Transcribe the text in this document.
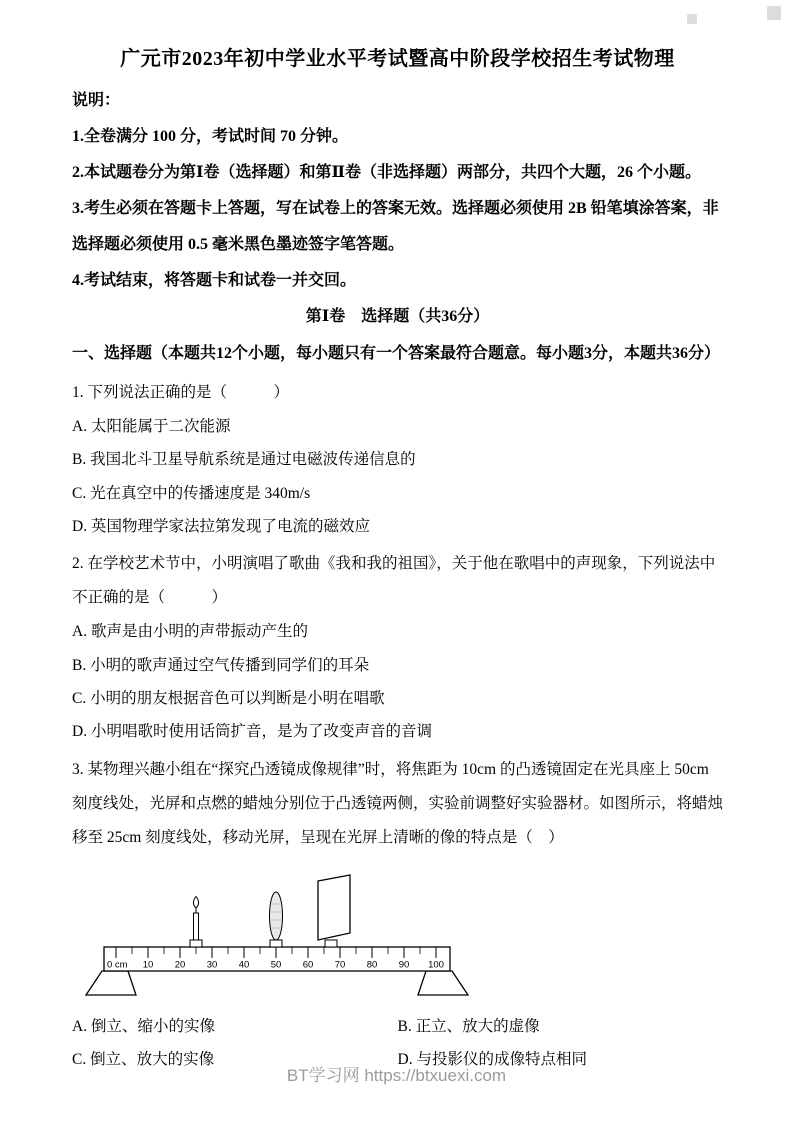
广元市2023年初中学业水平考试暨高中阶段学校招生考试物理

说明：

1.全卷满分 100 分，考试时间 70 分钟。

2.本试题卷分为第Ⅰ卷（选择题）和第Ⅱ卷（非选择题）两部分，共四个大题，26 个小题。

3.考生必须在答题卡上答题，写在试卷上的答案无效。选择题必须使用 2B 铅笔填涂答案，非选择题必须使用 0.5 毫米黑色墨迹签字笔答题。

4.考试结束，将答题卡和试卷一并交回。

第Ⅰ卷　选择题（共36分）

一、选择题（本题共12个小题，每小题只有一个答案最符合题意。每小题3分，本题共36分）

1. 下列说法正确的是（　　　）

A. 太阳能属于二次能源

B. 我国北斗卫星导航系统是通过电磁波传递信息的

C. 光在真空中的传播速度是 340m/s

D. 英国物理学家法拉第发现了电流的磁效应

2. 在学校艺术节中，小明演唱了歌曲《我和我的祖国》，关于他在歌唱中的声现象，下列说法中不正确的是（　　　）

A. 歌声是由小明的声带振动产生的

B. 小明的歌声通过空气传播到同学们的耳朵

C. 小明的朋友根据音色可以判断是小明在唱歌

D. 小明唱歌时使用话筒扩音，是为了改变声音的音调

3. 某物理兴趣小组在“探究凸透镜成像规律”时，将焦距为 10cm 的凸透镜固定在光具座上 50cm 刻度线处，光屏和点燃的蜡烛分别位于凸透镜两侧，实验前调整好实验器材。如图所示，将蜡烛移至 25cm 刻度线处，移动光屏，呈现在光屏上清晰的像的特点是（　）

0 cm 10 20 30 40 50 60 70 80 90 100

A. 倒立、缩小的实像	B. 正立、放大的虚像

C. 倒立、放大的实像	D. 与投影仪的成像特点相同

BT学习网 https://btxuexi.com
